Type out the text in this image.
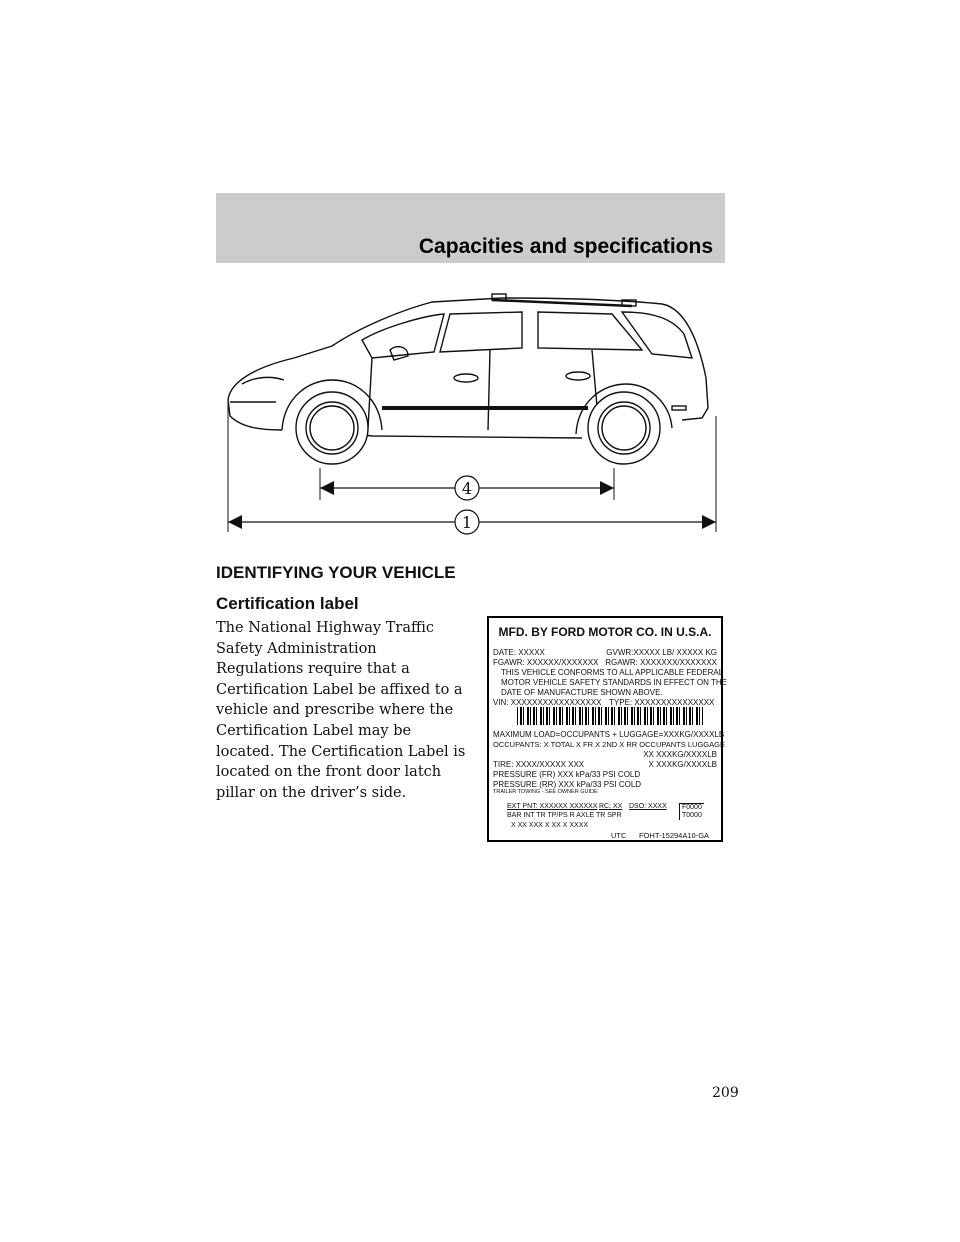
Capacities and specifications
4
1
IDENTIFYING YOUR VEHICLE
Certification label

The National Highway Traffic Safety Administration Regulations require that a Certification Label be affixed to a vehicle and prescribe where the Certification Label may be located. The Certification Label is located on the front door latch pillar on the driver’s side.

MFD. BY FORD MOTOR CO. IN U.S.A.
DATE: XXXXX	GVWR:XXXXX LB/ XXXXX KG
FGAWR: XXXXXX/XXXXXXX RGAWR: XXXXXXX/XXXXXXX
THIS VEHICLE CONFORMS TO ALL APPLICABLE FEDERAL
MOTOR VEHICLE SAFETY STANDARDS IN EFFECT ON THE
DATE OF MANUFACTURE SHOWN ABOVE.
VIN: XXXXXXXXXXXXXXXXX TYPE: XXXXXXXXXXXXXXX
MAXIMUM LOAD=OCCUPANTS + LUGGAGE=XXXKG/XXXXLB
OCCUPANTS: X TOTAL X FR X 2ND X RR OCCUPANTS LUGGAGE
XX XXXKG/XXXXLB
TIRE: XXXX/XXXXX XXX	X XXXKG/XXXXLB
PRESSURE (FR) XXX kPa/33 PSI COLD
PRESSURE (RR) XXX kPa/33 PSI COLD
TRAILER TOWING - SEE OWNER GUIDE
EXT PNT: XXXXXX XXXXXX RC: XX DSO: XXXX	F0000
BAR INT TR TP/PS R AXLE TR SPR	T0000
X XX XXX X XX X XXXX
UTC FOHT-15294A10-GA

209
